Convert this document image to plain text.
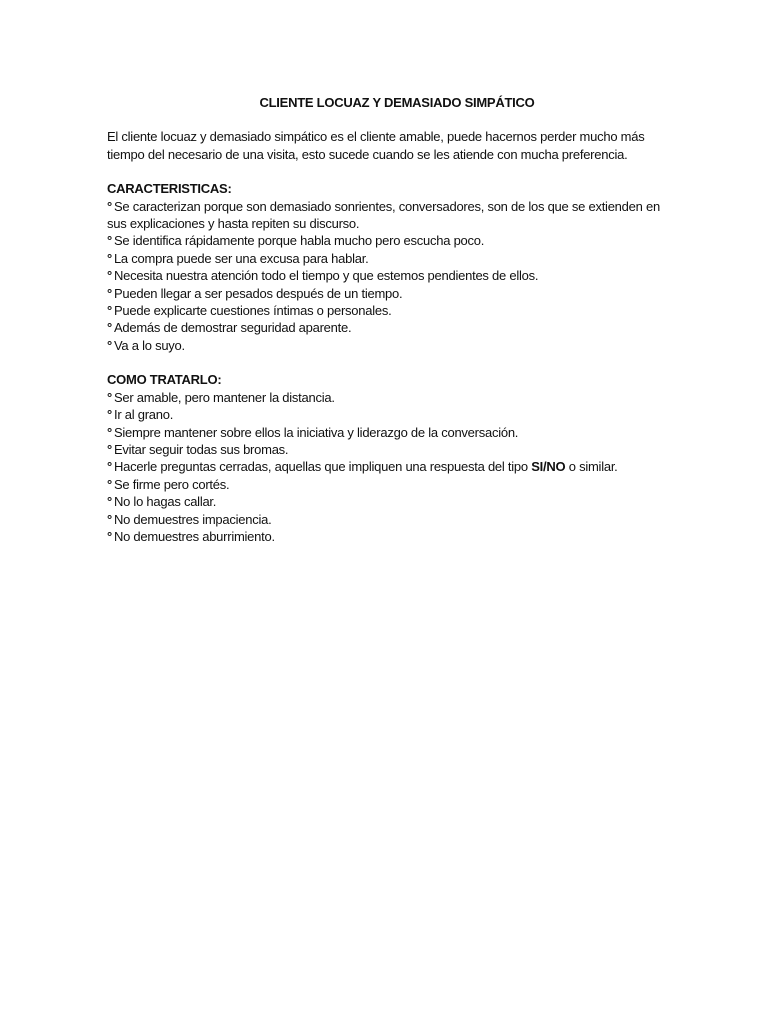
CLIENTE LOCUAZ Y DEMASIADO SIMPÁTICO

El cliente locuaz y demasiado simpático es el cliente amable, puede hacernos perder mucho más tiempo del necesario de una visita, esto sucede cuando se les atiende con mucha preferencia.

CARACTERISTICAS:
° Se caracterizan porque son demasiado sonrientes, conversadores, son de los que se extienden en sus explicaciones y hasta repiten su discurso.
° Se identifica rápidamente porque habla mucho pero escucha poco.
° La compra puede ser una excusa para hablar.
° Necesita nuestra atención todo el tiempo y que estemos pendientes de ellos.
° Pueden llegar a ser pesados después de un tiempo.
° Puede explicarte cuestiones íntimas o personales.
° Además de demostrar seguridad aparente.
° Va a lo suyo.
COMO TRATARLO:
° Ser amable, pero mantener la distancia.
° Ir al grano.
° Siempre mantener sobre ellos la iniciativa y liderazgo de la conversación.
° Evitar seguir todas sus bromas.
° Hacerle preguntas cerradas, aquellas que impliquen una respuesta del tipo SI/NO o similar.
° Se firme pero cortés.
° No lo hagas callar.
° No demuestres impaciencia.
° No demuestres aburrimiento.
